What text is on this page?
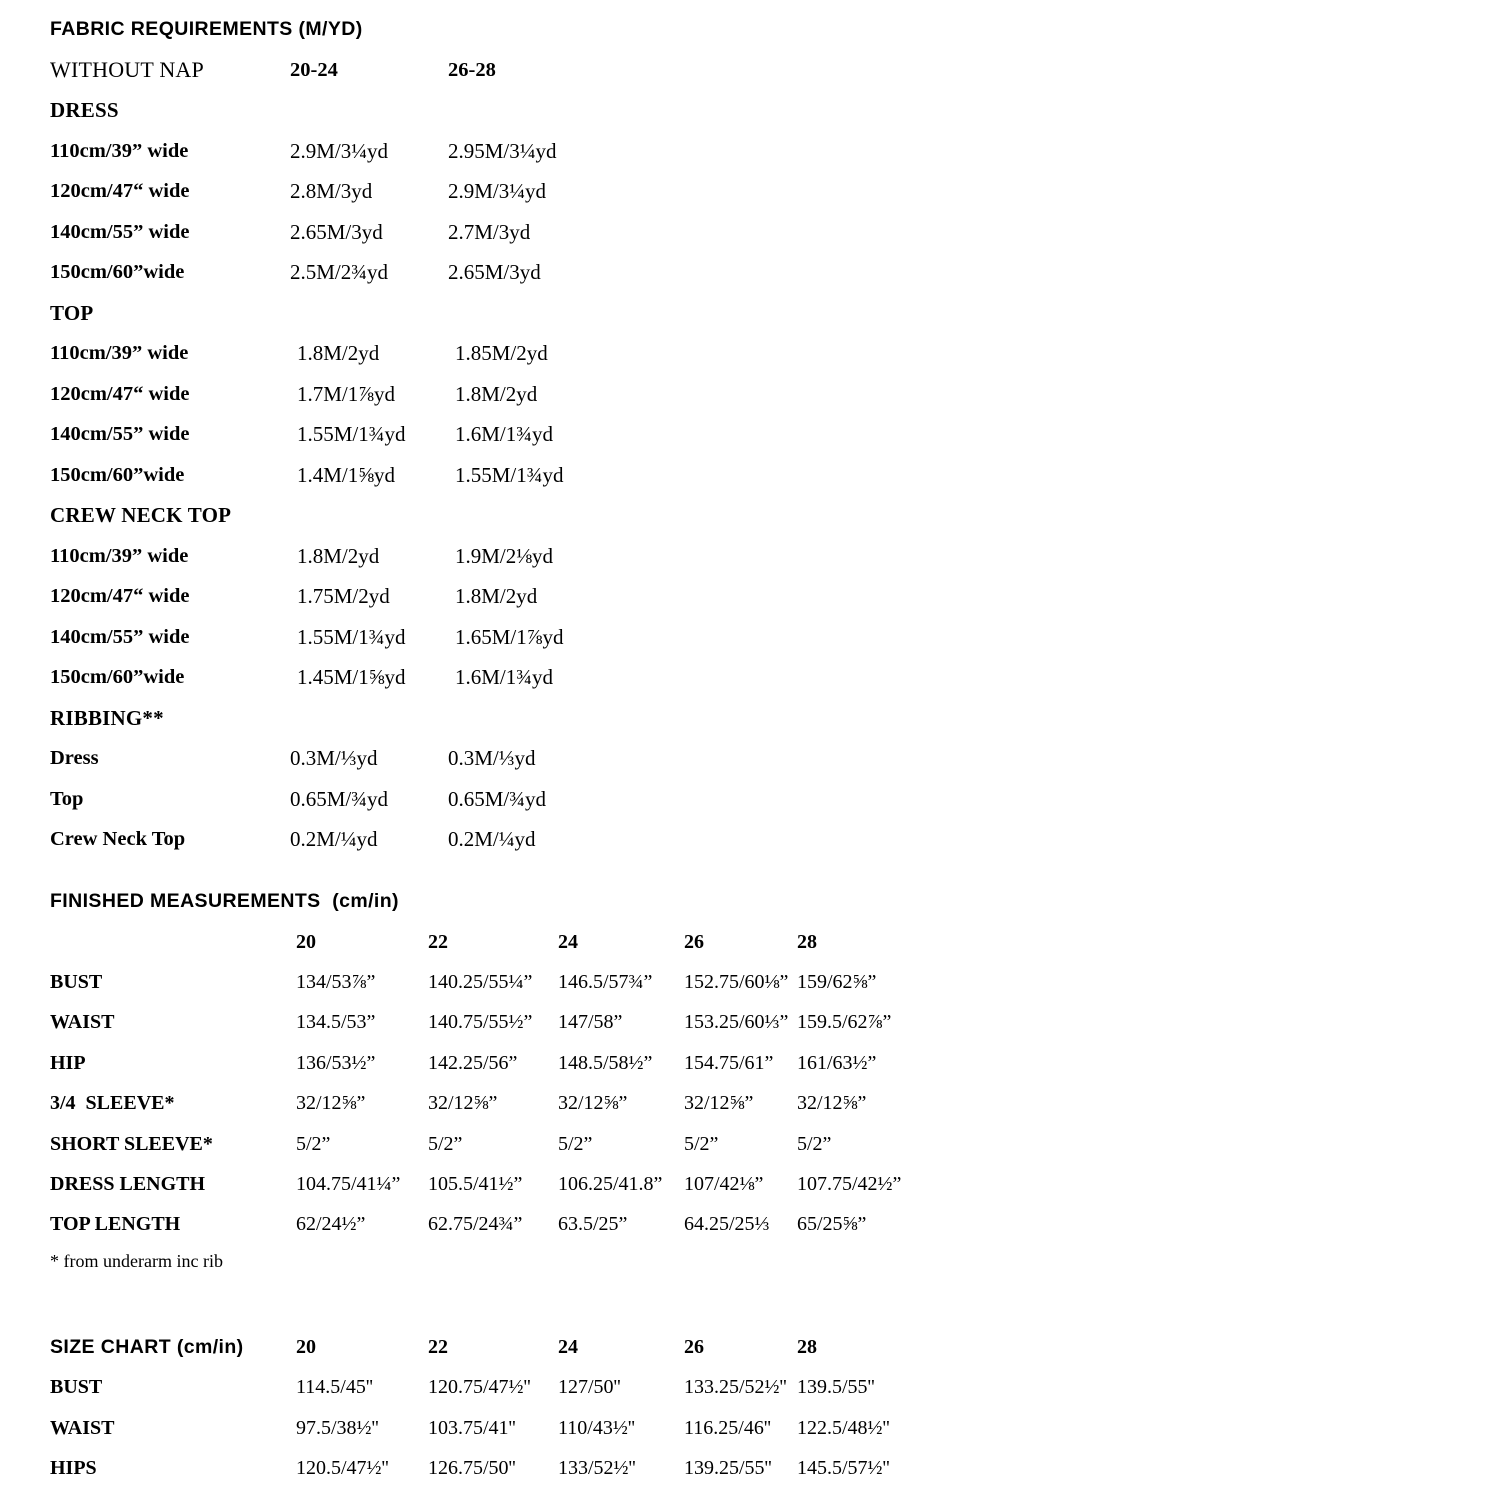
FABRIC REQUIREMENTS (M/YD)
WITHOUT NAP	20-24	26-28
DRESS
110cm/39” wide	2.9M/3¼yd	2.95M/3¼yd
120cm/47“ wide	2.8M/3yd	2.9M/3¼yd
140cm/55” wide	2.65M/3yd	2.7M/3yd
150cm/60”wide	2.5M/2¾yd	2.65M/3yd
TOP
110cm/39” wide	1.8M/2yd	1.85M/2yd
120cm/47“ wide	1.7M/1⅞yd	1.8M/2yd
140cm/55” wide	1.55M/1¾yd	1.6M/1¾yd
150cm/60”wide	1.4M/1⅝yd	1.55M/1¾yd
CREW NECK TOP
110cm/39” wide	1.8M/2yd	1.9M/2⅛yd
120cm/47“ wide	1.75M/2yd	1.8M/2yd
140cm/55” wide	1.55M/1¾yd	1.65M/1⅞yd
150cm/60”wide	1.45M/1⅝yd	1.6M/1¾yd
RIBBING**
Dress	0.3M/⅓yd	0.3M/⅓yd
Top	0.65M/¾yd	0.65M/¾yd
Crew Neck Top	0.2M/¼yd	0.2M/¼yd
FINISHED MEASUREMENTS  (cm/in)
20	22	24	26	28
BUST	134/53⅞”	140.25/55¼”	146.5/57¾”	152.75/60⅛” 159/62⅝”
WAIST	134.5/53”	140.75/55½”	147/58”	153.25/60⅓” 159.5/62⅞”
HIP	136/53½”	142.25/56”	148.5/58½”	154.75/61”	161/63½”
3/4  SLEEVE*	32/12⅝”	32/12⅝”	32/12⅝”	32/12⅝”	32/12⅝”
SHORT SLEEVE*	5/2”	5/2”	5/2”	5/2”	5/2”
DRESS LENGTH	104.75/41¼”	105.5/41½”	106.25/41.8”	107/42⅛”	107.75/42½”
TOP LENGTH	62/24½”	62.75/24¾”	63.5/25”	64.25/25⅓	65/25⅝”
* from underarm inc rib
SIZE CHART (cm/in)	20	22	24	26	28
BUST	114.5/45''	120.75/47½''	127/50''	133.25/52½'' 139.5/55''
WAIST	97.5/38½''	103.75/41''	110/43½''	116.25/46''	122.5/48½''
HIPS	120.5/47½''	126.75/50''	133/52½''	139.25/55''	145.5/57½''
